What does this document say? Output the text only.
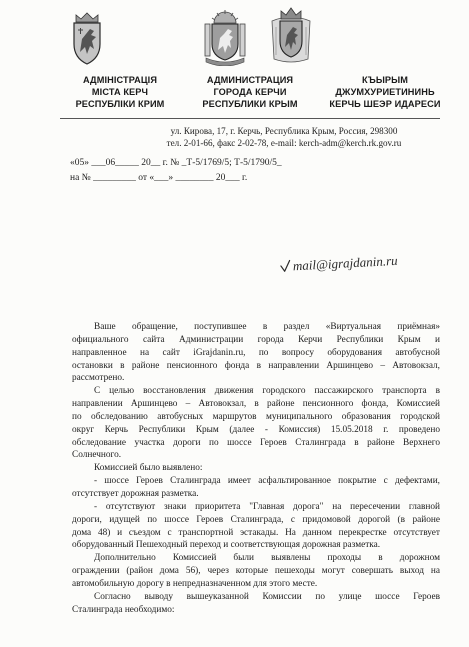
АДМІНІСТРАЦІЯ
МІСТА КЕРЧ
РЕСПУБЛІКИ КРИМ
АДМИНИСТРАЦИЯ
ГОРОДА КЕРЧИ
РЕСПУБЛИКИ КРЫМ
КЪЫРЫМ
ДЖУМХУРИЕТИНИНЬ
КЕРЧЬ ШЕЭР ИДАРЕСИ
ул. Кирова, 17, г. Керчь, Республика Крым, Россия, 298300
тел. 2-01-66, факс 2-02-78, e-mail: kerch-adm@kerch.rk.gov.ru
«05» ___06_____ 20__ г. № _Т-5/1769/5; Т-5/1790/5_
на № _________ от «___» ________ 20___ г.
mail@igrajdanin.ru
Ваше обращение, поступившее в раздел «Виртуальная приёмная»
официального сайта Администрации города Керчи Республики Крым и
направленное на сайт iGrajdanin.ru, по вопросу оборудования автобусной
остановки в районе пенсионного фонда в направлении Аршинцево – Автовокзал,
рассмотрено.
С целью восстановления движения городского пассажирского транспорта в
направлении Аршинцево – Автовокзал, в районе пенсионного фонда, Комиссией
по обследованию автобусных маршрутов муниципального образования городской
округ Керчь Республики Крым (далее - Комиссия) 15.05.2018 г. проведено
обследование участка дороги по шоссе Героев Сталинграда в районе Верхнего
Солнечного.
Комиссией было выявлено:
- шоссе Героев Сталинграда имеет асфальтированное покрытие с дефектами,
отсутствует дорожная разметка.
- отсутствуют знаки приоритета "Главная дорога" на пересечении главной
дороги, идущей по шоссе Героев Сталинграда, с придомовой дорогой (в районе
дома 48) и съездом с транспортной эстакады. На данном перекрестке отсутствует
оборудованный Пешеходный переход и соответствующая дорожная разметка.
Дополнительно Комиссией были выявлены проходы в дорожном
ограждении (район дома 56), через которые пешеходы могут совершать выход на
автомобильную дорогу в непредназначенном для этого месте.
Согласно выводу вышеуказанной Комиссии по улице шоссе Героев
Сталинграда необходимо:
